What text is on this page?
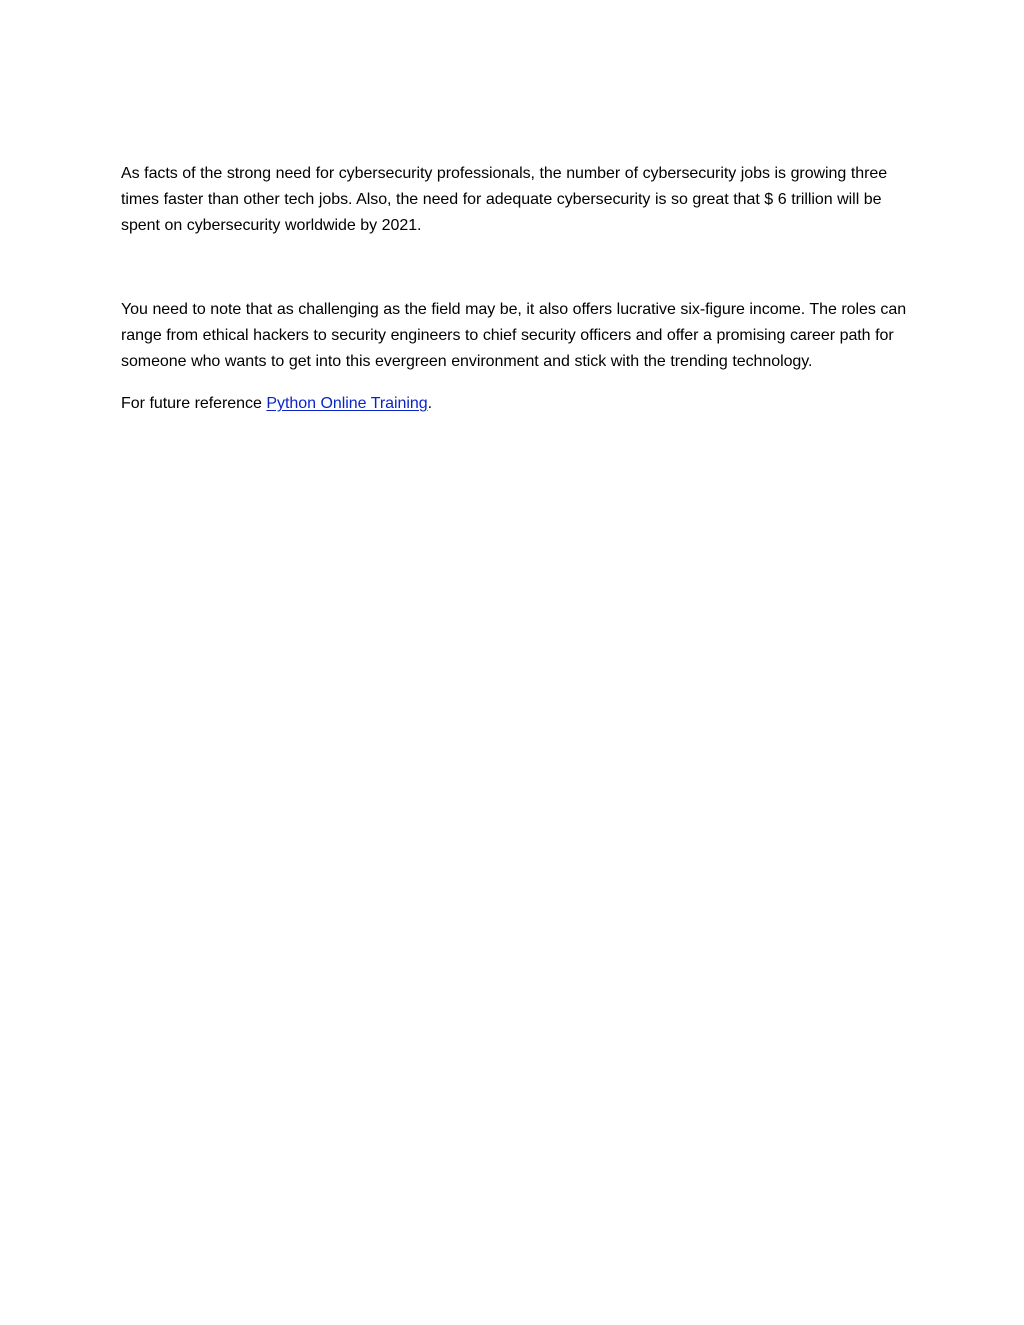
As facts of the strong need for cybersecurity professionals, the number of cybersecurity jobs is growing three times faster than other tech jobs. Also, the need for adequate cybersecurity is so great that $ 6 trillion will be spent on cybersecurity worldwide by 2021.

You need to note that as challenging as the field may be, it also offers lucrative six-figure income. The roles can range from ethical hackers to security engineers to chief security officers and offer a promising career path for someone who wants to get into this evergreen environment and stick with the trending technology.

For future reference Python Online Training.
